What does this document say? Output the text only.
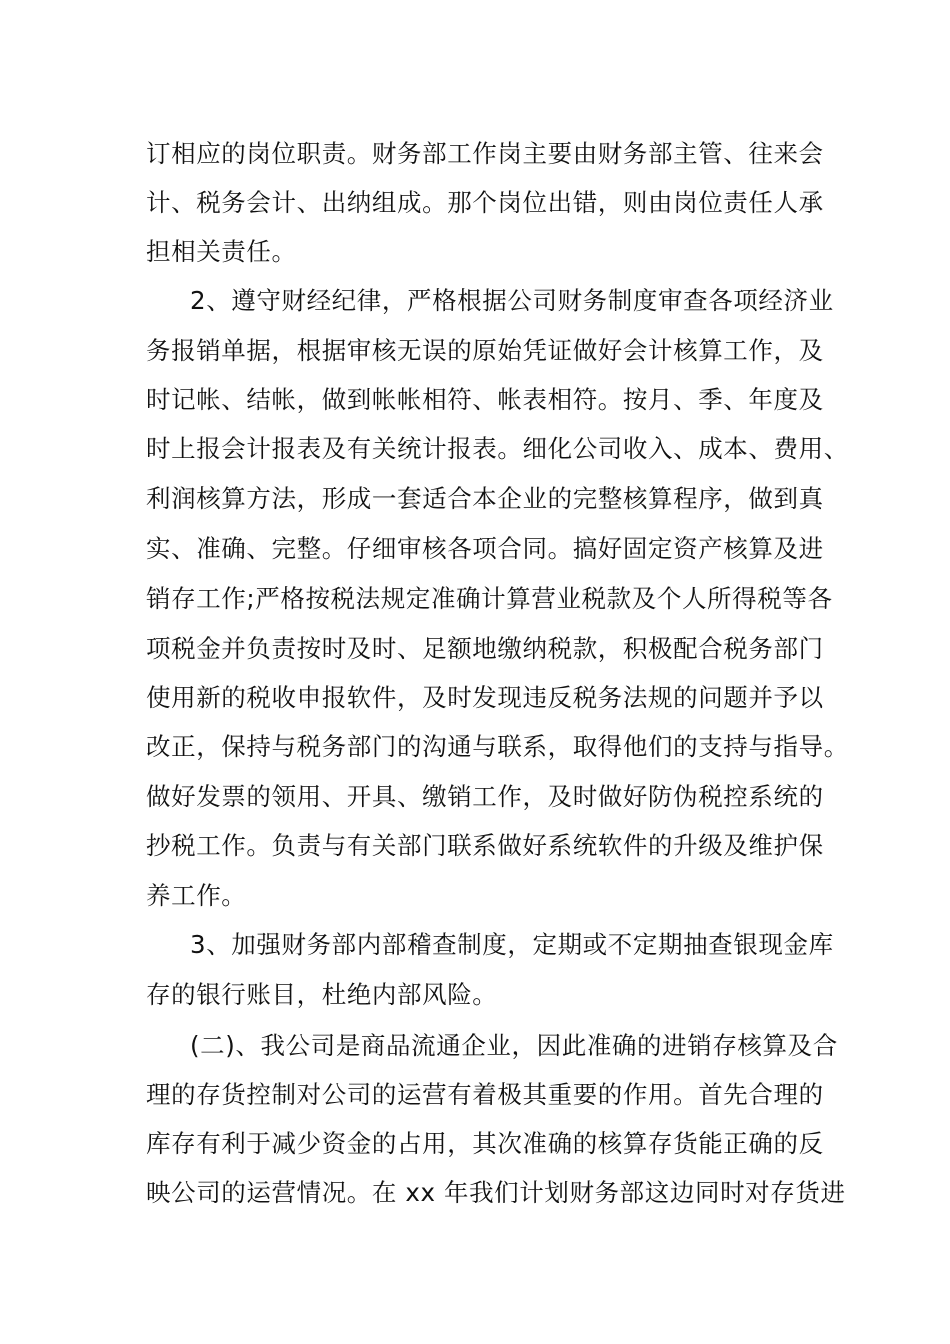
订相应的岗位职责。财务部工作岗主要由财务部主管、往来会

计、税务会计、出纳组成。那个岗位出错，则由岗位责任人承

担相关责任。

2、遵守财经纪律，严格根据公司财务制度审查各项经济业

务报销单据，根据审核无误的原始凭证做好会计核算工作，及

时记帐、结帐，做到帐帐相符、帐表相符。按月、季、年度及

时上报会计报表及有关统计报表。细化公司收入、成本、费用、

利润核算方法，形成一套适合本企业的完整核算程序，做到真

实、准确、完整。仔细审核各项合同。搞好固定资产核算及进

销存工作;严格按税法规定准确计算营业税款及个人所得税等各

项税金并负责按时及时、足额地缴纳税款，积极配合税务部门

使用新的税收申报软件，及时发现违反税务法规的问题并予以

改正，保持与税务部门的沟通与联系，取得他们的支持与指导。

做好发票的领用、开具、缴销工作，及时做好防伪税控系统的

抄税工作。负责与有关部门联系做好系统软件的升级及维护保

养工作。

3、加强财务部内部稽查制度，定期或不定期抽查银现金库

存的银行账目，杜绝内部风险。

(二)、我公司是商品流通企业，因此准确的进销存核算及合

理的存货控制对公司的运营有着极其重要的作用。首先合理的

库存有利于减少资金的占用，其次准确的核算存货能正确的反

映公司的运营情况。在 xx 年我们计划财务部这边同时对存货进
